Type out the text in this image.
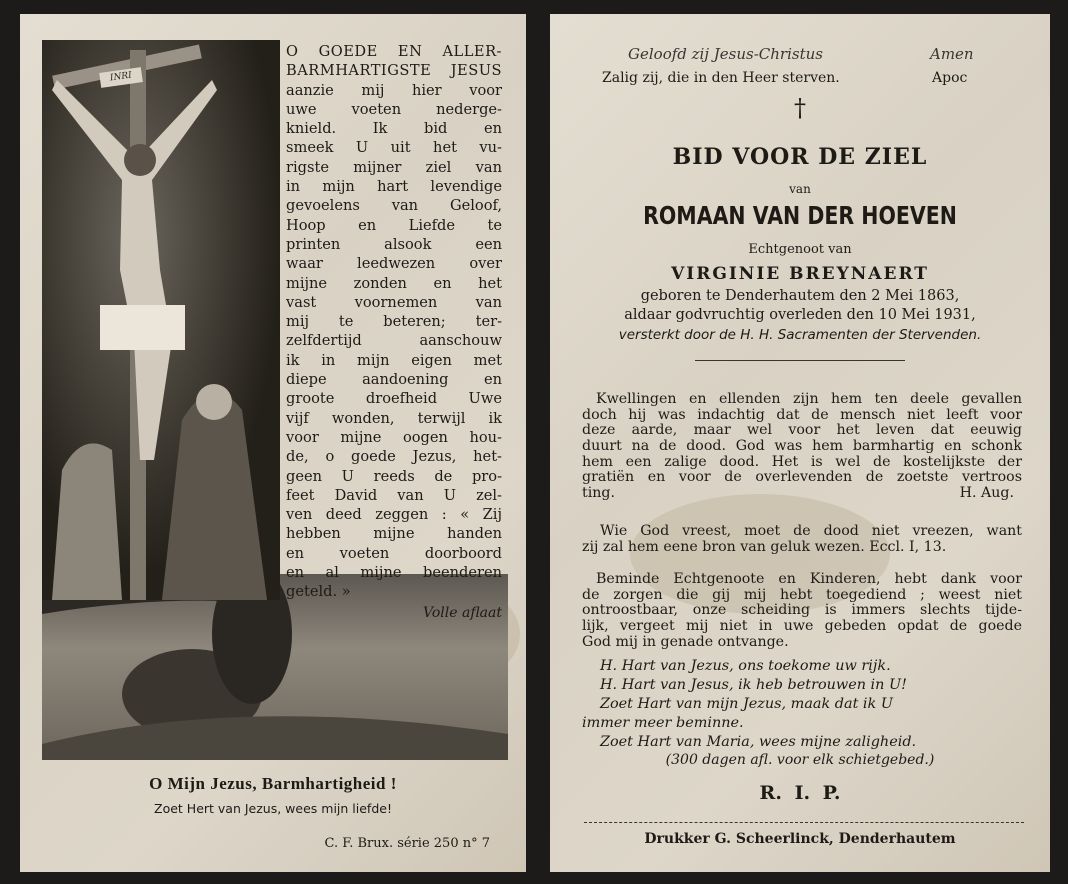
INRI
O GOEDE EN ALLER-
BARMHARTIGSTE JESUS
aanzie mij hier voor
uwe voeten nederge-
knield. Ik bid en
smeek U uit het vu-
rigste mijner ziel van
in mijn hart levendige
gevoelens van Geloof,
Hoop en Liefde te
printen alsook een
waar leedwezen over
mijne zonden en het
vast voornemen van
mij te beteren; ter-
zelfdertijd aanschouw
ik in mijn eigen met
diepe aandoening en
groote droefheid Uwe
vijf wonden, terwijl ik
voor mijne oogen hou-
de, o goede Jezus, het-
geen U reeds de pro-
feet David van U zel-
ven deed zeggen : « Zij
hebben mijne handen
en voeten doorboord
en al mijne beenderen
geteld. »
Volle aflaat
O Mijn Jezus, Barmhartigheid !
Zoet Hert van Jezus, wees mijn liefde!
C. F. Brux. série 250 n° 7
Geloofd zij Jesus-Christus	Amen
Zalig zij, die in den Heer sterven.	Apoc
†
BID VOOR DE ZIEL
van
ROMAAN VAN DER HOEVEN
Echtgenoot van
VIRGINIE BREYNAERT
geboren te Denderhautem den 2 Mei 1863,
aldaar godvruchtig overleden den 10 Mei 1931,
versterkt door de H. H. Sacramenten der Stervenden.
Kwellingen en ellenden zijn hem ten deele gevallen
doch hij was indachtig dat de mensch niet leeft voor
deze aarde, maar wel voor het leven dat eeuwig
duurt na de dood. God was hem barmhartig en schonk
hem een zalige dood. Het is wel de kostelijkste der
gratiën en voor de overlevenden de zoetste vertroos
ting.	H. Aug.
Wie God vreest, moet de dood niet vreezen, want
zij zal hem eene bron van geluk wezen. Eccl. I, 13.
Beminde Echtgenoote en Kinderen, hebt dank voor
de zorgen die gij mij hebt toegediend ; weest niet
ontroostbaar, onze scheiding is immers slechts tijde-
lijk, vergeet mij niet in uwe gebeden opdat de goede
God mij in genade ontvange.
H. Hart van Jezus, ons toekome uw rijk.
H. Hart van Jesus, ik heb betrouwen in U!
Zoet Hart van mijn Jezus, maak dat ik U
immer meer beminne.
Zoet Hart van Maria, wees mijne zaligheid.
(300 dagen afl. voor elk schietgebed.)
R. I. P.
Drukker G. Scheerlinck, Denderhautem
